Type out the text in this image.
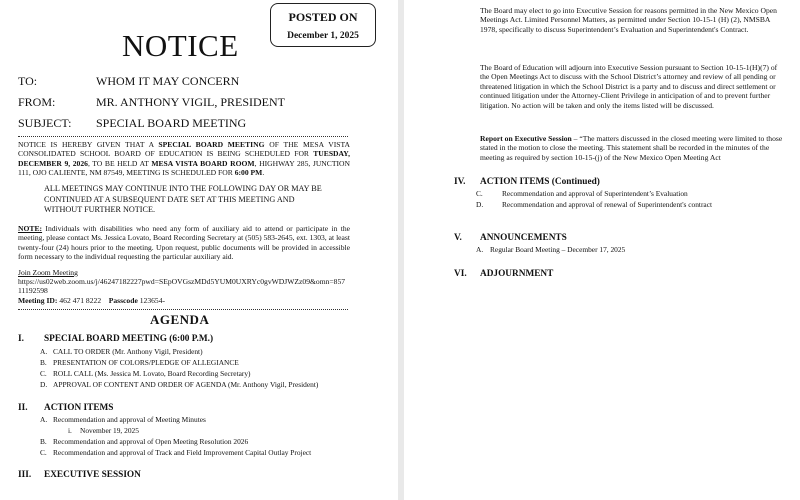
POSTED ON
December 1, 2025
NOTICE
TO:	WHOM IT MAY CONCERN
FROM:	MR. ANTHONY VIGIL, PRESIDENT
SUBJECT: SPECIAL BOARD MEETING
NOTICE IS HEREBY GIVEN THAT A SPECIAL BOARD MEETING OF THE MESA VISTA CONSOLIDATED SCHOOL BOARD OF EDUCATION IS BEING SCHEDULED FOR TUESDAY, DECEMBER 9, 2026, TO BE HELD AT MESA VISTA BOARD ROOM, HIGHWAY 285, JUNCTION 111, OJO CALIENTE, NM 87549, MEETING IS SCHEDULED FOR 6:00 PM.
ALL MEETINGS MAY CONTINUE INTO THE FOLLOWING DAY OR MAY BE CONTINUED AT A SUBSEQUENT DATE SET AT THIS MEETING AND WITHOUT FURTHER NOTICE.
NOTE: Individuals with disabilities who need any form of auxiliary aid to attend or participate in the meeting, please contact Ms. Jessica Lovato, Board Recording Secretary at (505) 583-2645, ext. 1303, at least twenty-four (24) hours prior to the meeting. Upon request, public documents will be provided in accessible form necessary to the individual requesting the particular auxiliary aid.
Join Zoom Meeting
https://us02web.zoom.us/j/46247182227pwd=SEpOVGszMDd5YUM0UXRYc0gvWDJWZz09&omn=85711192598
Meeting ID: 462 471 8222 Passcode 123654-
AGENDA
I. SPECIAL BOARD MEETING (6:00 P.M.)
A. CALL TO ORDER (Mr. Anthony Vigil, President)
B. PRESENTATION OF COLORS/PLEDGE OF ALLEGIANCE
C. ROLL CALL (Ms. Jessica M. Lovato, Board Recording Secretary)
D. APPROVAL OF CONTENT AND ORDER OF AGENDA (Mr. Anthony Vigil, President)
II. ACTION ITEMS
A. Recommendation and approval of Meeting Minutes
i. November 19, 2025
B. Recommendation and approval of Open Meeting Resolution 2026
C. Recommendation and approval of Track and Field Improvement Capital Outlay Project
III. EXECUTIVE SESSION
The Board may elect to go into Executive Session for reasons permitted in the New Mexico Open Meetings Act. Limited Personnel Matters, as permitted under Section 10-15-1 (H) (2), NMSBA 1978, specifically to discuss Superintendent’s Evaluation and Superintendent's Contract.
The Board of Education will adjourn into Executive Session pursuant to Section 10-15-1(H)(7) of the Open Meetings Act to discuss with the School District’s attorney and review of all pending or threatened litigation in which the School District is a party and to discuss and direct settlement or continued litigation under the Attorney-Client Privilege in anticipation of and to prevent further litigation. No action will be taken and only the items listed will be discussed.
Report on Executive Session – “The matters discussed in the closed meeting were limited to those stated in the motion to close the meeting. This statement shall be recorded in the minutes of the meeting as required by section 10-15-(j) of the New Mexico Open Meeting Act
IV. ACTION ITEMS (Continued)
C.	Recommendation and approval of Superintendent’s Evaluation
D.	Recommendation and approval of renewal of Superintendent's contract
V. ANNOUNCEMENTS
A. Regular Board Meeting – December 17, 2025
VI. ADJOURNMENT
